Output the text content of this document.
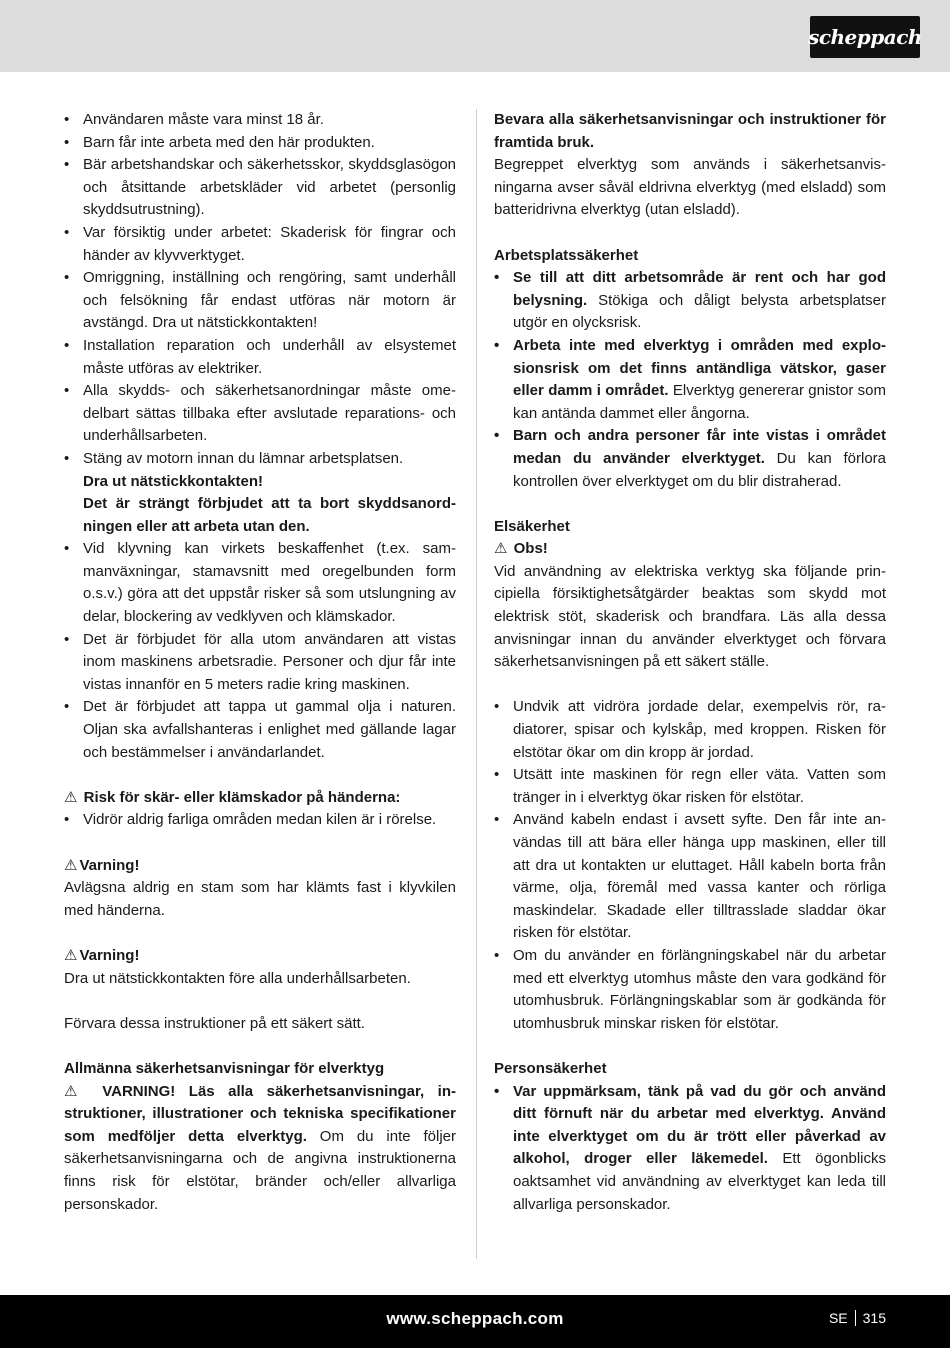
scheppach
• Användaren måste vara minst 18 år.
• Barn får inte arbeta med den här produkten.
• Bär arbetshandskar och säkerhetsskor, skyddsglasögon och åtsittande arbetskläder vid arbetet (personlig skyddsutrustning).
• Var försiktig under arbetet: Skaderisk för fingrar och händer av klyvverktyget.
• Omriggning, inställning och rengöring, samt underhåll och felsökning får endast utföras när motorn är avstängd. Dra ut nätstickkontakten!
• Installation reparation och underhåll av elsystemet måste utföras av elektriker.
• Alla skydds- och säkerhetsanordningar måste omedelbart sättas tillbaka efter avslutade reparations- och underhållsarbeten.
• Stäng av motorn innan du lämnar arbetsplatsen.

Dra ut nätstickkontakten!

Det är strängt förbjudet att ta bort skyddsanordningen eller att arbeta utan den.

• Vid klyvning kan virkets beskaffenhet (t.ex. sammanväxningar, stamavsnitt med oregelbunden form o.s.v.) göra att det uppstår risker så som utslungning av delar, blockering av vedklyven och klämskador.
• Det är förbjudet för alla utom användaren att vistas inom maskinens arbetsradie. Personer och djur får inte vistas innanför en 5 meters radie kring maskinen.
• Det är förbjudet att tappa ut gammal olja i naturen. Oljan ska avfallshanteras i enlighet med gällande lagar och bestämmelser i användarlandet.

⚠ Risk för skär- eller klämskador på händerna:

• Vidrör aldrig farliga områden medan kilen är i rörelse.

⚠ Varning!

Avlägsna aldrig en stam som har klämts fast i klyvkilen med händerna.

⚠ Varning!

Dra ut nätstickkontakten före alla underhållsarbeten.

Förvara dessa instruktioner på ett säkert sätt.

Allmänna säkerhetsanvisningar för elverktyg

⚠ VARNING! Läs alla säkerhetsanvisningar, instruktioner, illustrationer och tekniska specifikationer som medföljer detta elverktyg. Om du inte följer säkerhetsanvisningarna och de angivna instruktionerna finns risk för elstötar, bränder och/eller allvarliga personskador.

Bevara alla säkerhetsanvisningar och instruktioner för framtida bruk.

Begreppet elverktyg som används i säkerhetsanvisningarna avser såväl eldrivna elverktyg (med elsladd) som batteridrivna elverktyg (utan elsladd).

Arbetsplatssäkerhet

• Se till att ditt arbetsområde är rent och har god belysning. Stökiga och dåligt belysta arbetsplatser utgör en olycksrisk.
• Arbeta inte med elverktyg i områden med explosionsrisk om det finns antändliga vätskor, gaser eller damm i området. Elverktyg genererar gnistor som kan antända dammet eller ångorna.
• Barn och andra personer får inte vistas i området medan du använder elverktyget. Du kan förlora kontrollen över elverktyget om du blir distraherad.

Elsäkerhet

⚠ Obs!

Vid användning av elektriska verktyg ska följande principiella försiktighetsåtgärder beaktas som skydd mot elektrisk stöt, skaderisk och brandfara. Läs alla dessa anvisningar innan du använder elverktyget och förvara säkerhetsanvisningen på ett säkert ställe.

• Undvik att vidröra jordade delar, exempelvis rör, radiatorer, spisar och kylskåp, med kroppen. Risken för elstötar ökar om din kropp är jordad.
• Utsätt inte maskinen för regn eller väta. Vatten som tränger in i elverktyg ökar risken för elstötar.
• Använd kabeln endast i avsett syfte. Den får inte användas till att bära eller hänga upp maskinen, eller till att dra ut kontakten ur eluttaget. Håll kabeln borta från värme, olja, föremål med vassa kanter och rörliga maskindelar. Skadade eller tilltrasslade sladdar ökar risken för elstötar.
• Om du använder en förlängningskabel när du arbetar med ett elverktyg utomhus måste den vara godkänd för utomhusbruk. Förlängningskablar som är godkända för utomhusbruk minskar risken för elstötar.

Personsäkerhet

• Var uppmärksam, tänk på vad du gör och använd ditt förnuft när du arbetar med elverktyg. Använd inte elverktyget om du är trött eller påverkad av alkohol, droger eller läkemedel. Ett ögonblicks oaktsamhet vid användning av elverktyget kan leda till allvarliga personskador.
www.scheppach.com	SE 315
